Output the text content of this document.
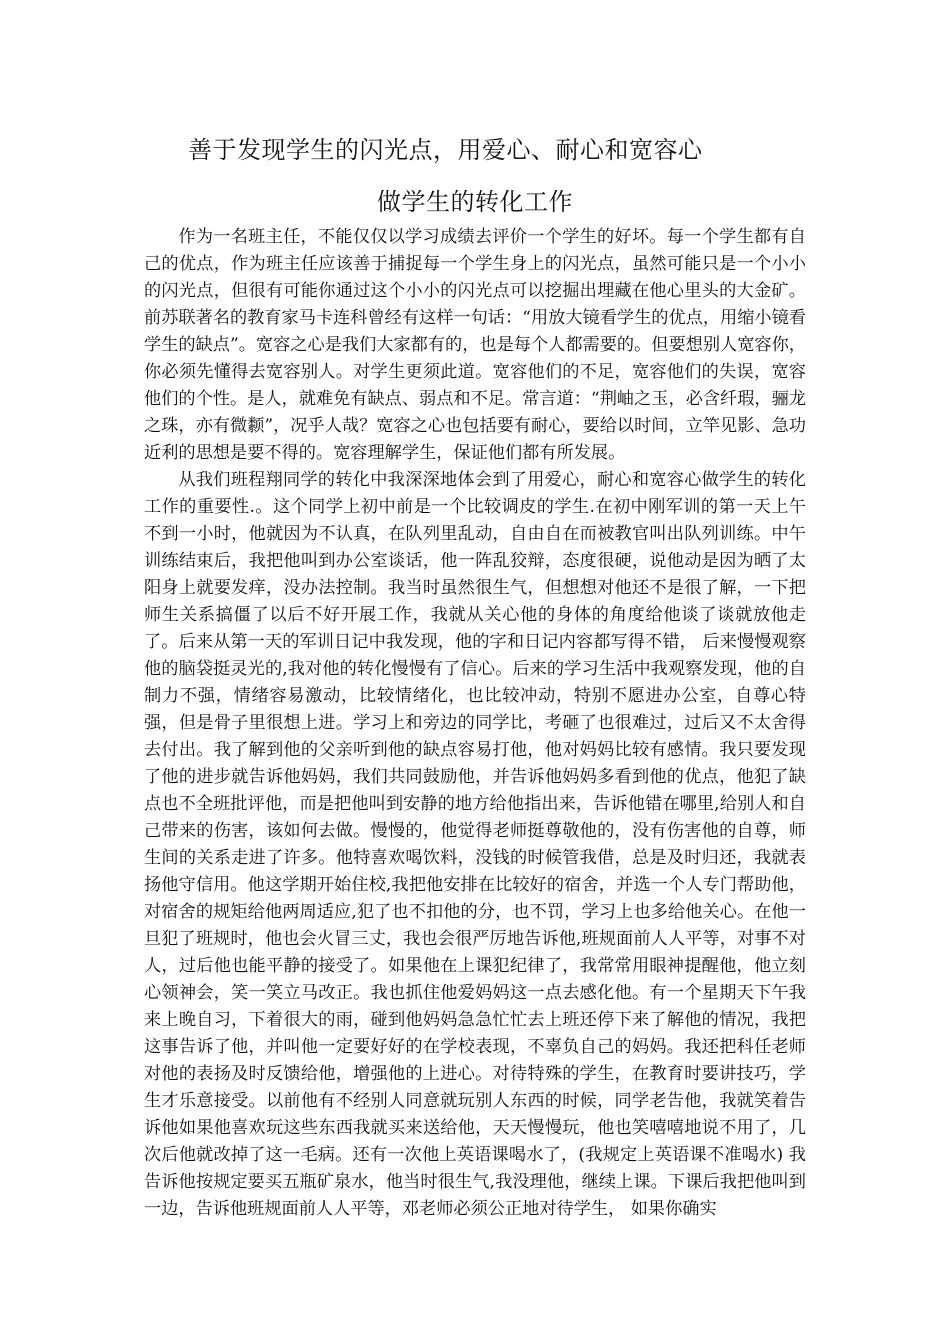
善于发现学生的闪光点，用爱心、耐心和宽容心
做学生的转化工作

作为一名班主任，不能仅仅以学习成绩去评价一个学生的好坏。每一个学生都有自己的优点，作为班主任应该善于捕捉每一个学生身上的闪光点，虽然可能只是一个小小的闪光点，但很有可能你通过这个小小的闪光点可以挖掘出埋藏在他心里头的大金矿。前苏联著名的教育家马卡连科曾经有这样一句话：“用放大镜看学生的优点，用缩小镜看学生的缺点”。宽容之心是我们大家都有的，也是每个人都需要的。但要想别人宽容你，你必须先懂得去宽容别人。对学生更须此道。宽容他们的不足，宽容他们的失误，宽容他们的个性。是人，就难免有缺点、弱点和不足。常言道：“荆岫之玉，必含纤瑕，骊龙之珠，亦有微颣”，况乎人哉？宽容之心也包括要有耐心，要给以时间，立竿见影、急功近利的思想是要不得的。宽容理解学生，保证他们都有所发展。

从我们班程翔同学的转化中我深深地体会到了用爱心，耐心和宽容心做学生的转化工作的重要性.。这个同学上初中前是一个比较调皮的学生.在初中刚军训的第一天上午不到一小时，他就因为不认真，在队列里乱动，自由自在而被教官叫出队列训练。中午训练结束后，我把他叫到办公室谈话，他一阵乱狡辩，态度很硬，说他动是因为晒了太阳身上就要发痒，没办法控制。我当时虽然很生气，但想想对他还不是很了解，一下把师生关系搞僵了以后不好开展工作，我就从关心他的身体的角度给他谈了谈就放他走了。后来从第一天的军训日记中我发现，他的字和日记内容都写得不错， 后来慢慢观察他的脑袋挺灵光的,我对他的转化慢慢有了信心。后来的学习生活中我观察发现，他的自制力不强，情绪容易激动，比较情绪化，也比较冲动，特别不愿进办公室，自尊心特强，但是骨子里很想上进。学习上和旁边的同学比，考砸了也很难过，过后又不太舍得去付出。我了解到他的父亲听到他的缺点容易打他，他对妈妈比较有感情。我只要发现了他的进步就告诉他妈妈，我们共同鼓励他，并告诉他妈妈多看到他的优点，他犯了缺点也不全班批评他，而是把他叫到安静的地方给他指出来，告诉他错在哪里,给别人和自己带来的伤害，该如何去做。慢慢的，他觉得老师挺尊敬他的，没有伤害他的自尊，师生间的关系走进了许多。他特喜欢喝饮料，没钱的时候管我借，总是及时归还，我就表扬他守信用。他这学期开始住校,我把他安排在比较好的宿舍，并选一个人专门帮助他，对宿舍的规矩给他两周适应,犯了也不扣他的分，也不罚，学习上也多给他关心。在他一旦犯了班规时，他也会火冒三丈，我也会很严厉地告诉他,班规面前人人平等，对事不对人，过后他也能平静的接受了。如果他在上课犯纪律了，我常常用眼神提醒他，他立刻心领神会，笑一笑立马改正。我也抓住他爱妈妈这一点去感化他。有一个星期天下午我来上晚自习，下着很大的雨，碰到他妈妈急急忙忙去上班还停下来了解他的情况，我把这事告诉了他，并叫他一定要好好的在学校表现，不辜负自己的妈妈。我还把科任老师对他的表扬及时反馈给他，增强他的上进心。对待特殊的学生，在教育时要讲技巧，学生才乐意接受。以前他有不经别人同意就玩别人东西的时候，同学老告他，我就笑着告诉他如果他喜欢玩这些东西我就买来送给他，天天慢慢玩，他也笑嘻嘻地说不用了，几次后他就改掉了这一毛病。还有一次他上英语课喝水了，(我规定上英语课不准喝水) 我告诉他按规定要买五瓶矿泉水，他当时很生气,我没理他，继续上课。下课后我把他叫到一边，告诉他班规面前人人平等，邓老师必须公正地对待学生， 如果你确实
